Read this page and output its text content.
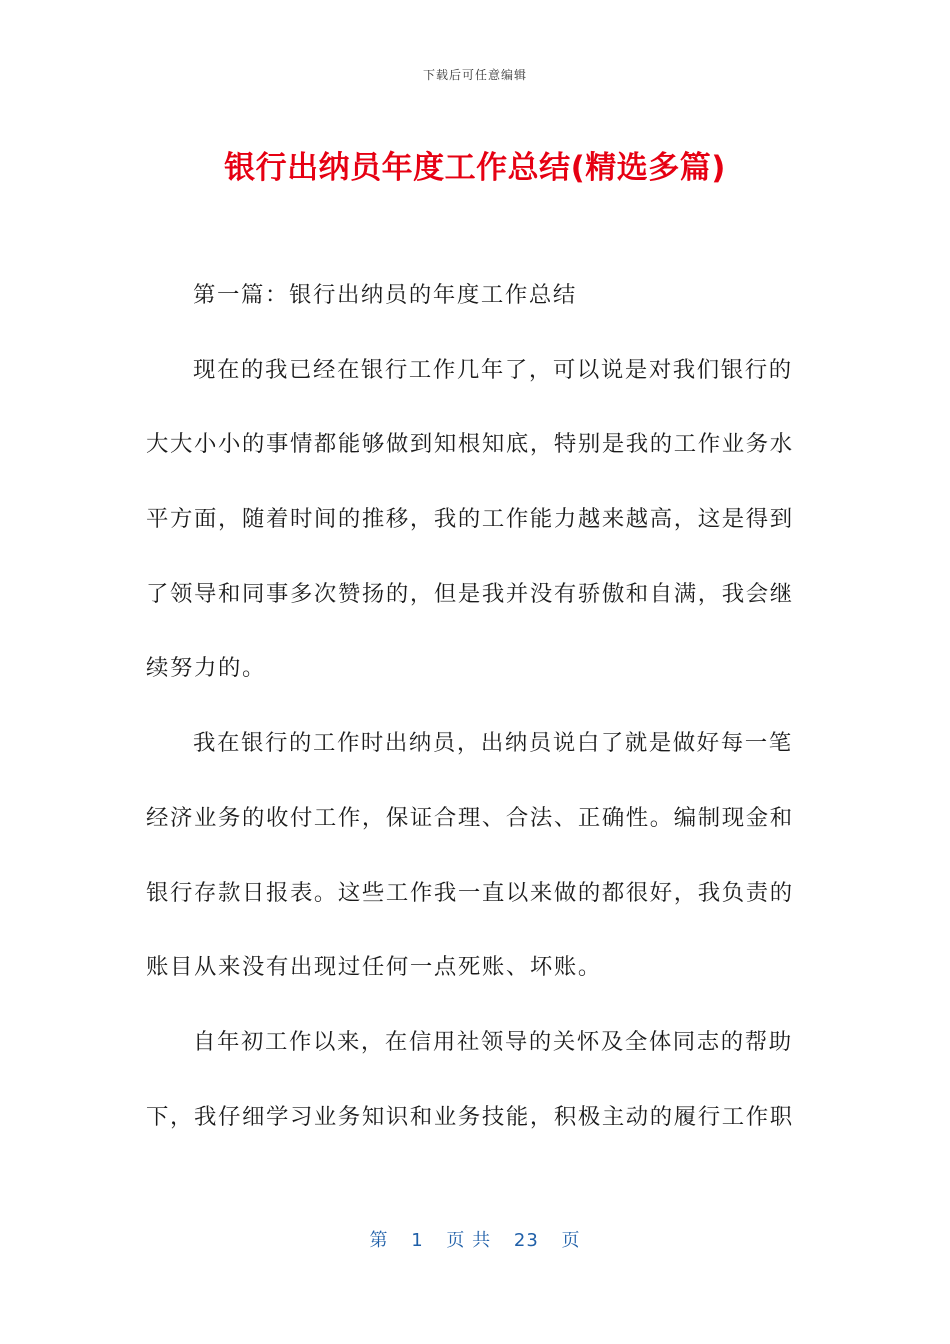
下载后可任意编辑
银行出纳员年度工作总结(精选多篇)
第一篇：银行出纳员的年度工作总结
现在的我已经在银行工作几年了，可以说是对我们银行的
大大小小的事情都能够做到知根知底，特别是我的工作业务水
平方面，随着时间的推移，我的工作能力越来越高，这是得到
了领导和同事多次赞扬的，但是我并没有骄傲和自满，我会继
续努力的。
我在银行的工作时出纳员，出纳员说白了就是做好每一笔
经济业务的收付工作，保证合理、合法、正确性。编制现金和
银行存款日报表。这些工作我一直以来做的都很好，我负责的
账目从来没有出现过任何一点死账、坏账。
自年初工作以来，在信用社领导的关怀及全体同志的帮助
下，我仔细学习业务知识和业务技能，积极主动的履行工作职
第 1 页 共 23 页
